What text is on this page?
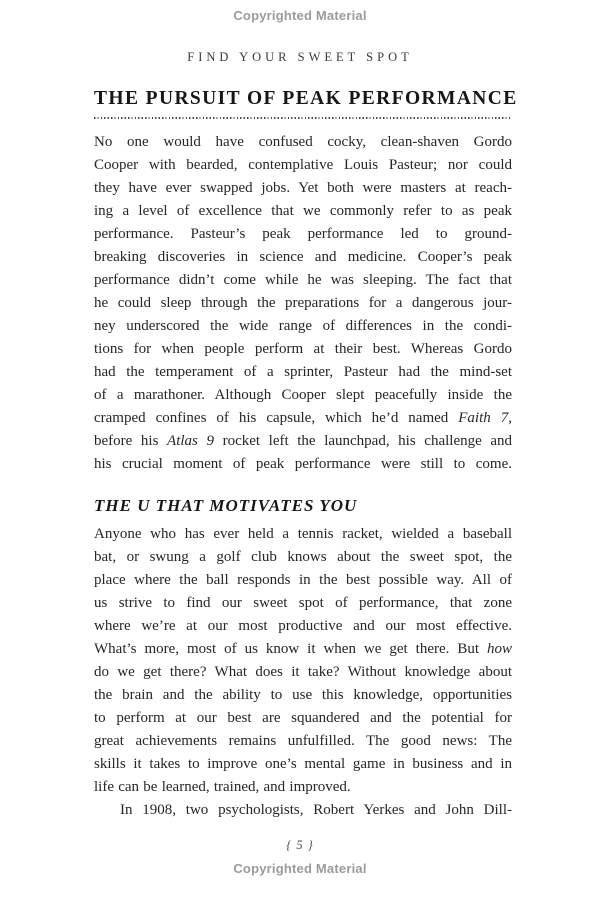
Copyrighted Material
FIND YOUR SWEET SPOT
THE PURSUIT OF PEAK PERFORMANCE
No one would have confused cocky, clean-shaven Gordo
Cooper with bearded, contemplative Louis Pasteur; nor could
they have ever swapped jobs. Yet both were masters at reach-
ing a level of excellence that we commonly refer to as peak
performance. Pasteur’s peak performance led to ground-
breaking discoveries in science and medicine. Cooper’s peak
performance didn’t come while he was sleeping. The fact that
he could sleep through the preparations for a dangerous jour-
ney underscored the wide range of differences in the condi-
tions for when people perform at their best. Whereas Gordo
had the temperament of a sprinter, Pasteur had the mind-set
of a marathoner. Although Cooper slept peacefully inside the
cramped confines of his capsule, which he’d named Faith 7,
before his Atlas 9 rocket left the launchpad, his challenge and
his crucial moment of peak performance were still to come.
THE U THAT MOTIVATES YOU
Anyone who has ever held a tennis racket, wielded a baseball
bat, or swung a golf club knows about the sweet spot, the
place where the ball responds in the best possible way. All of
us strive to find our sweet spot of performance, that zone
where we’re at our most productive and our most effective.
What’s more, most of us know it when we get there. But how
do we get there? What does it take? Without knowledge about
the brain and the ability to use this knowledge, opportunities
to perform at our best are squandered and the potential for
great achievements remains unfulfilled. The good news: The
skills it takes to improve one’s mental game in business and in
life can be learned, trained, and improved.
In 1908, two psychologists, Robert Yerkes and John Dill-
{ 5 }
Copyrighted Material
